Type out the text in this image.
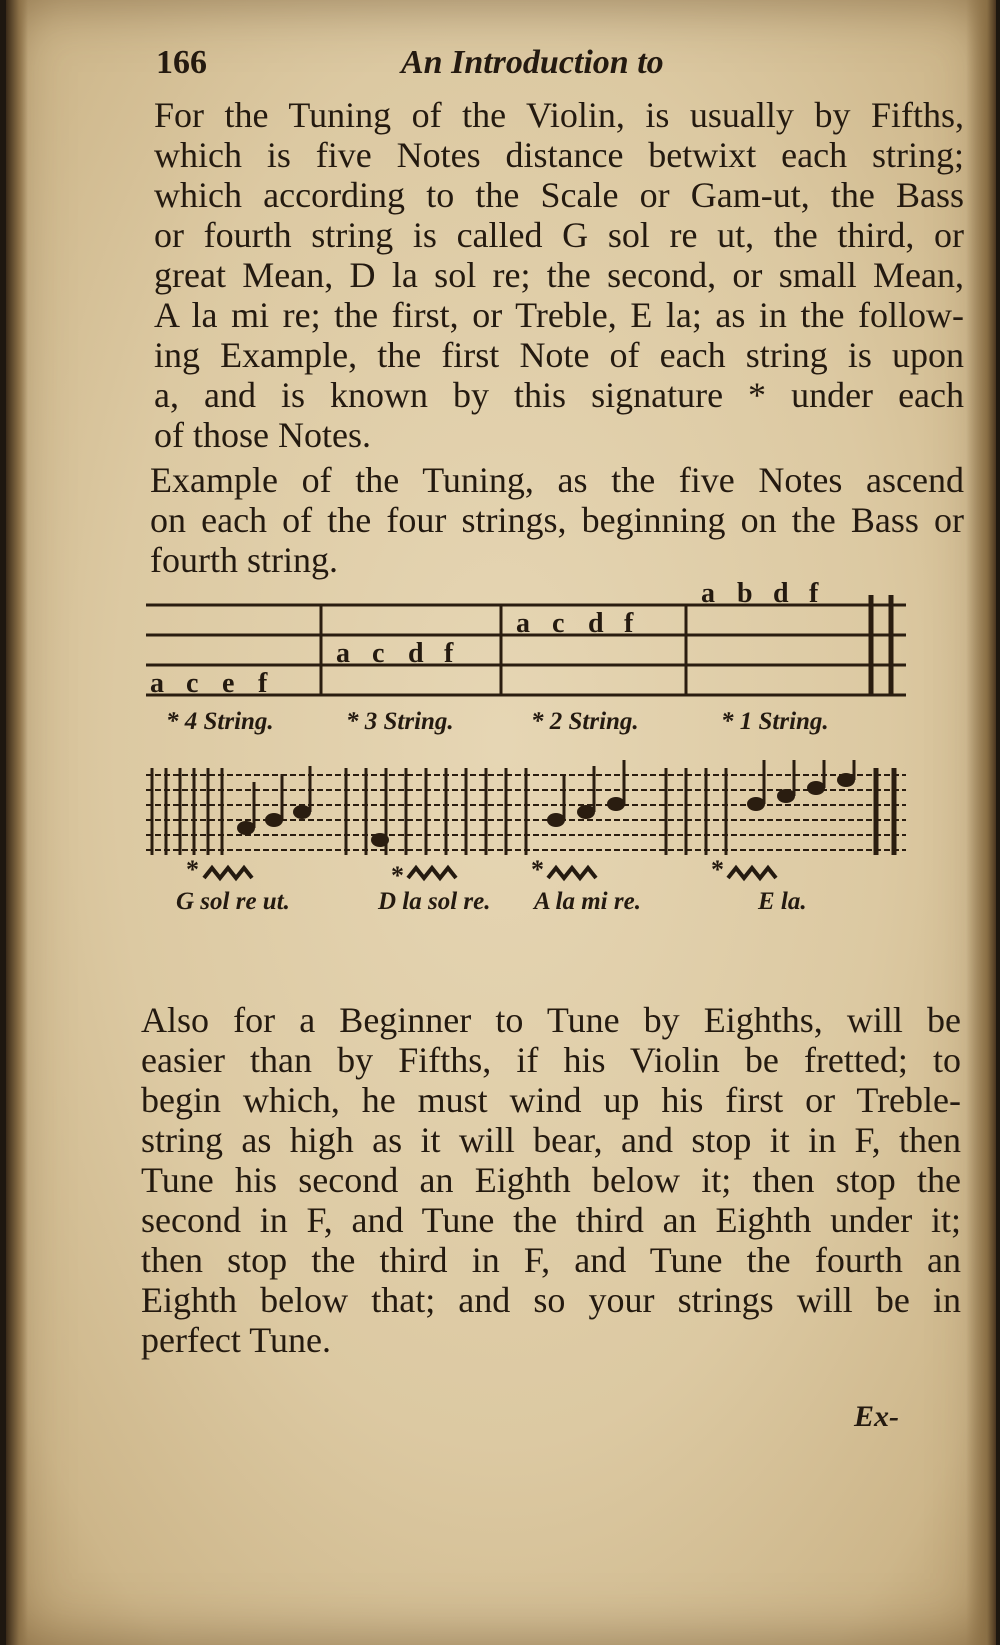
166	An Introduction to
For the Tuning of the Violin, is usually by Fifths,
which is five Notes distance betwixt each string;
which according to the Scale or Gam-ut, the Bass
or fourth string is called G sol re ut, the third, or
great Mean, D la sol re; the second, or small Mean,
A la mi re; the first, or Treble, E la; as in the follow-
ing Example, the first Note of each string is upon
a, and is known by this signature * under each
of those Notes.
Example of the Tuning, as the five Notes ascend
on each of the four strings, beginning on the Bass or
fourth string.
a c e f
a c d f
a c d f
a b d f
* 4 String.	* 3 String.	* 2 String.	* 1 String.
*	*	*	*
G sol re ut.	D la sol re. A la mi re.	E la.
Also for a Beginner to Tune by Eighths, will be
easier than by Fifths, if his Violin be fretted; to
begin which, he must wind up his first or Treble-
string as high as it will bear, and stop it in F, then
Tune his second an Eighth below it; then stop the
second in F, and Tune the third an Eighth under it;
then stop the third in F, and Tune the fourth an
Eighth below that; and so your strings will be in
perfect Tune.
Ex-
